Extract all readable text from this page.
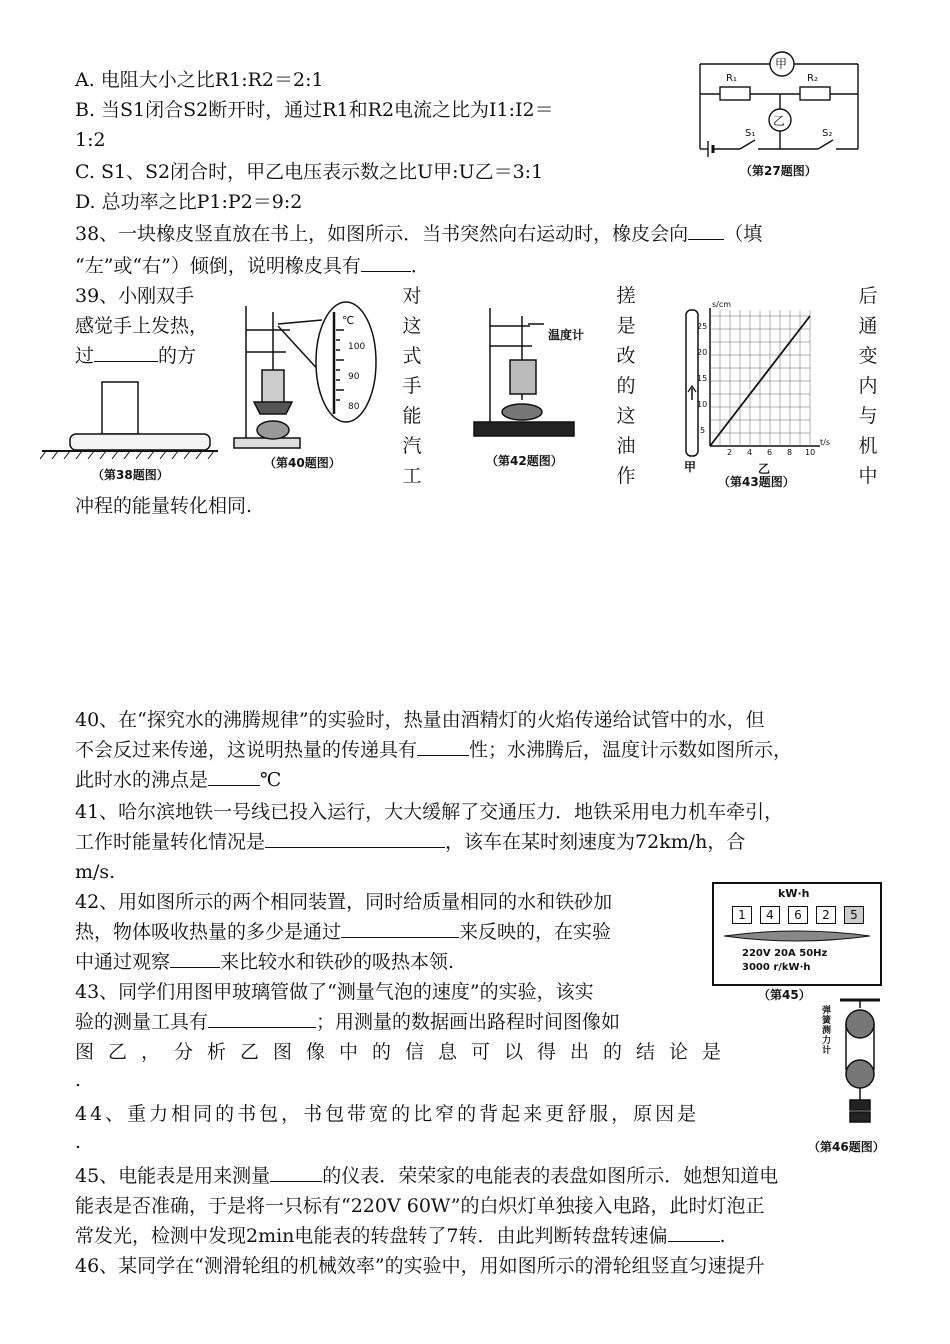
A. 电阻大小之比R1:R2＝2:1
B. 当S1闭合S2断开时，通过R1和R2电流之比为I1:I2＝
1:2
C. S1、S2闭合时，甲乙电压表示数之比U甲:U乙＝3:1
D. 总功率之比P1:P2＝9:2
甲
乙
R₁	R₂
S₁	S₂
（第27题图）
38、一块橡皮竖直放在书上，如图所示．当书突然向右运动时，橡皮会向 （填
“左”或“右”）倾倒，说明橡皮具有	．
39、小刚双手
感觉手上发热，
过	的方
对这式手能汽工
搓是改的这油作
后通变内与机中
冲程的能量转化相同.
（第38题图）
℃
100
90
80
（第40题图）
温度计
（第42题图）
s/cm
t/s
5
10
15
20
25
2 4 6 8 10
甲	乙
（第43题图）
40、在“探究水的沸腾规律”的实验时，热量由酒精灯的火焰传递给试管中的水，但
不会反过来传递，这说明热量的传递具有	性；水沸腾后，温度计示数如图所示，
此时水的沸点是	℃
41、哈尔滨地铁一号线已投入运行，大大缓解了交通压力．地铁采用电力机车牵引，
工作时能量转化情况是	，该车在某时刻速度为72km/h，合
m/s.
42、用如图所示的两个相同装置，同时给质量相同的水和铁砂加
热，物体吸收热量的多少是通过	来反映的，在实验
中通过观察	来比较水和铁砂的吸热本领.
43、同学们用图甲玻璃管做了“测量气泡的速度”的实验，该实
验的测量工具有	；用测量的数据画出路程时间图像如
图乙，分析乙图像中的信息可以得出的结论是
.
44、重力相同的书包，书包带宽的比窄的背起来更舒服，原因是
.
kW·h
1	4	6	2	5
220V 20A 50Hz
3000 r/kW·h
（第45）
弹簧测力计
（第46题图）
45、电能表是用来测量	的仪表．荣荣家的电能表的表盘如图所示．她想知道电
能表是否准确，于是将一只标有“220V 60W”的白炽灯单独接入电路，此时灯泡正
常发光，检测中发现2min电能表的转盘转了7转．由此判断转盘转速偏	.
46、某同学在“测滑轮组的机械效率”的实验中，用如图所示的滑轮组竖直匀速提升
